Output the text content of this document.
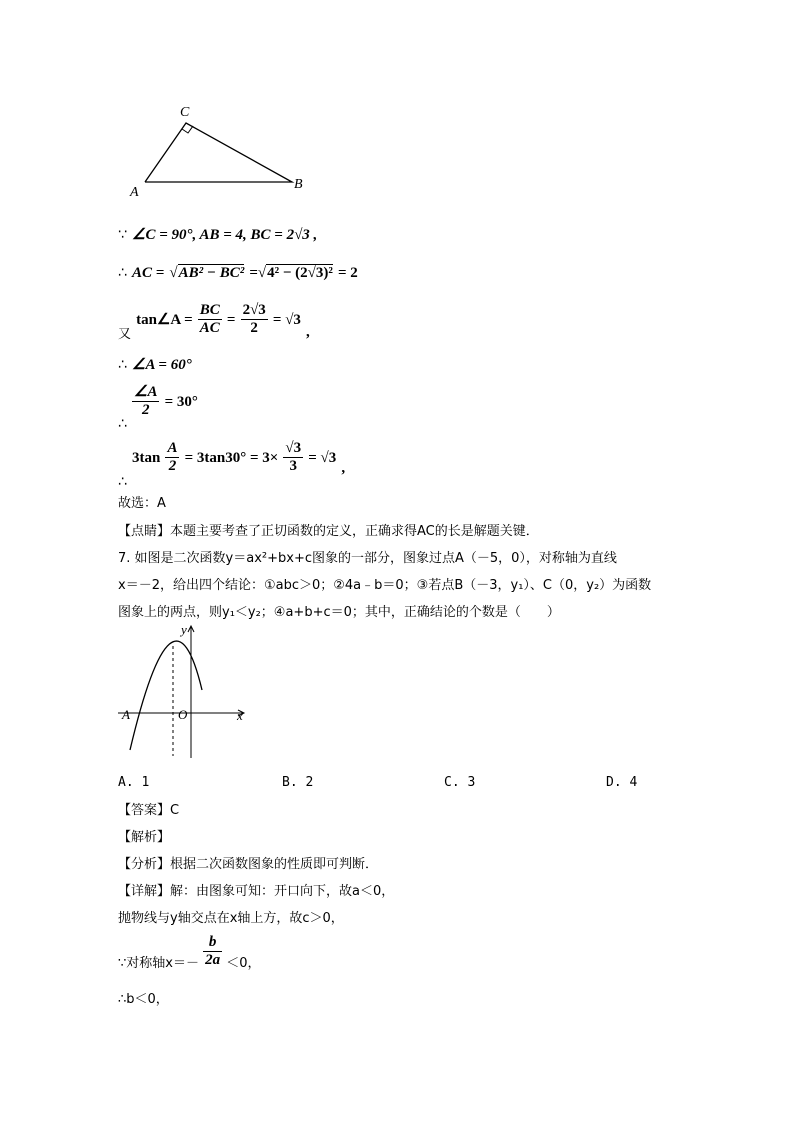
C
A
B
∵ ∠C = 90°, AB = 4, BC = 2√3 ,
∴ AC = √AB² − BC² =√4² − (2√3)² = 2
$_又$ tan∠A = $\frac{BC}{AC} = \frac{2√3}{2} = √3$ ,
∴ ∠A = 60°
∴
$\frac{\angle A}{2} = 30^\circ$
∴ $3\tan \frac{A}{2} = 3\tan 30^\circ = 3\times \frac{√3}{3} = √3$ ,
故选：A
【点睛】本题主要考查了正切函数的定义，正确求得AC的长是解题关键．
7. 如图是二次函数y＝ax²+bx+c图象的一部分，图象过点A（－5，0），对称轴为直线
x＝－2，给出四个结论：①abc＞0；②4a﹣b＝0；③若点B（－3，y₁）、C（0，y₂）为函数
图象上的两点，则y₁＜y₂；④a+b+c＝0；其中，正确结论的个数是（　　）
y
x
O
A
A. 1	B. 2	C. 3	D. 4
【答案】C
【解析】
【分析】根据二次函数图象的性质即可判断．
【详解】解：由图象可知：开口向下，故a＜0，
抛物线与y轴交点在x轴上方，故c＞0，
∵对称轴$x=- \frac{b}{2a} <0$，
∴b＜0，
